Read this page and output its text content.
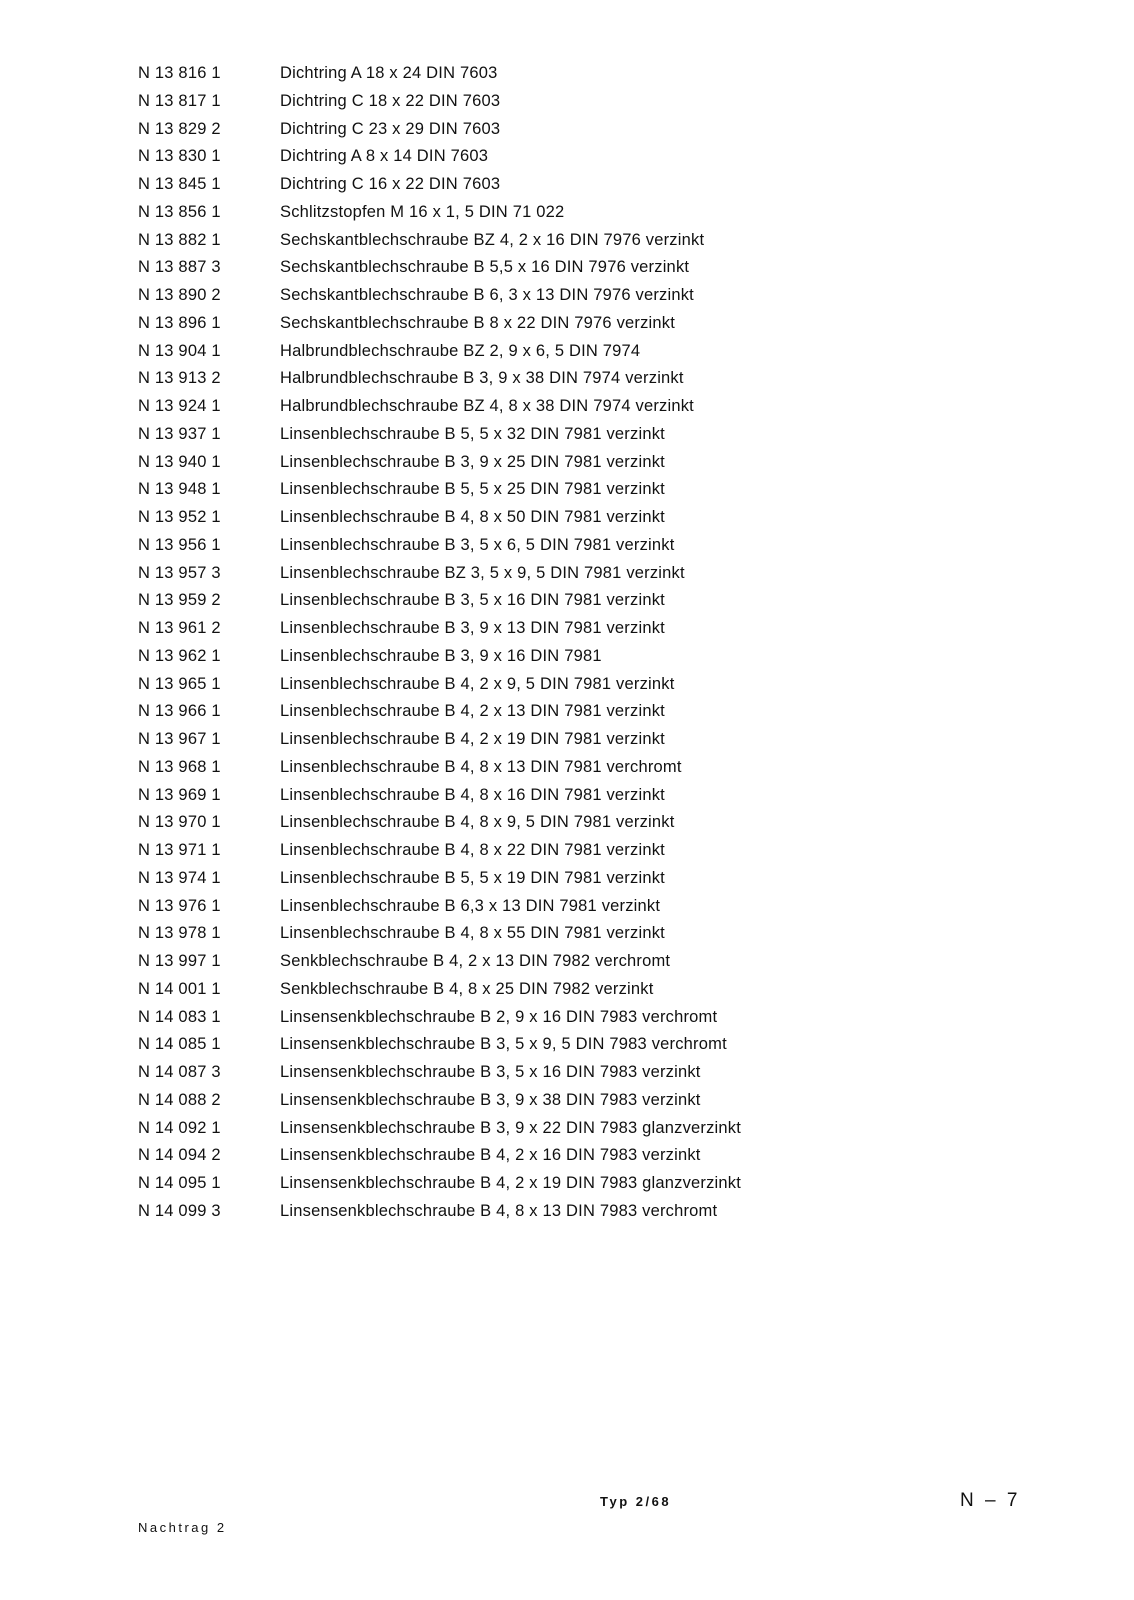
N 13 816 1	Dichtring A 18 x 24 DIN 7603
N 13 817 1	Dichtring C 18 x 22 DIN 7603
N 13 829 2	Dichtring C 23 x 29 DIN 7603
N 13 830 1	Dichtring A 8 x 14 DIN 7603
N 13 845 1	Dichtring C 16 x 22 DIN 7603
N 13 856 1	Schlitzstopfen M 16 x 1, 5 DIN 71 022
N 13 882 1	Sechskantblechschraube BZ 4, 2 x 16 DIN 7976 verzinkt
N 13 887 3	Sechskantblechschraube B 5,5 x 16 DIN 7976 verzinkt
N 13 890 2	Sechskantblechschraube B 6, 3 x 13 DIN 7976 verzinkt
N 13 896 1	Sechskantblechschraube B 8 x 22 DIN 7976 verzinkt
N 13 904 1	Halbrundblechschraube BZ 2, 9 x 6, 5 DIN 7974
N 13 913 2	Halbrundblechschraube B 3, 9 x 38 DIN 7974 verzinkt
N 13 924 1	Halbrundblechschraube BZ 4, 8 x 38 DIN 7974 verzinkt
N 13 937 1	Linsenblechschraube B 5, 5 x 32 DIN 7981 verzinkt
N 13 940 1	Linsenblechschraube B 3, 9 x 25 DIN 7981 verzinkt
N 13 948 1	Linsenblechschraube B 5, 5 x 25 DIN 7981 verzinkt
N 13 952 1	Linsenblechschraube B 4, 8 x 50 DIN 7981 verzinkt
N 13 956 1	Linsenblechschraube B 3, 5 x 6, 5 DIN 7981 verzinkt
N 13 957 3	Linsenblechschraube BZ 3, 5 x 9, 5 DIN 7981 verzinkt
N 13 959 2	Linsenblechschraube B 3, 5 x 16 DIN 7981 verzinkt
N 13 961 2	Linsenblechschraube B 3, 9 x 13 DIN 7981 verzinkt
N 13 962 1	Linsenblechschraube B 3, 9 x 16 DIN 7981
N 13 965 1	Linsenblechschraube B 4, 2 x 9, 5 DIN 7981 verzinkt
N 13 966 1	Linsenblechschraube B 4, 2 x 13 DIN 7981 verzinkt
N 13 967 1	Linsenblechschraube B 4, 2 x 19 DIN 7981 verzinkt
N 13 968 1	Linsenblechschraube B 4, 8 x 13 DIN 7981 verchromt
N 13 969 1	Linsenblechschraube B 4, 8 x 16 DIN 7981 verzinkt
N 13 970 1	Linsenblechschraube B 4, 8 x 9, 5 DIN 7981 verzinkt
N 13 971 1	Linsenblechschraube B 4, 8 x 22 DIN 7981 verzinkt
N 13 974 1	Linsenblechschraube B 5, 5 x 19 DIN 7981 verzinkt
N 13 976 1	Linsenblechschraube B 6,3 x 13 DIN 7981 verzinkt
N 13 978 1	Linsenblechschraube B 4, 8 x 55 DIN 7981 verzinkt
N 13 997 1	Senkblechschraube B 4, 2 x 13 DIN 7982 verchromt
N 14 001 1	Senkblechschraube B 4, 8 x 25 DIN 7982 verzinkt
N 14 083 1	Linsensenkblechschraube B 2, 9 x 16 DIN 7983 verchromt
N 14 085 1	Linsensenkblechschraube B 3, 5 x 9, 5 DIN 7983 verchromt
N 14 087 3	Linsensenkblechschraube B 3, 5 x 16 DIN 7983 verzinkt
N 14 088 2	Linsensenkblechschraube B 3, 9 x 38 DIN 7983 verzinkt
N 14 092 1	Linsensenkblechschraube B 3, 9 x 22 DIN 7983 glanzverzinkt
N 14 094 2	Linsensenkblechschraube B 4, 2 x 16 DIN 7983 verzinkt
N 14 095 1	Linsensenkblechschraube B 4, 2 x 19 DIN 7983 glanzverzinkt
N 14 099 3	Linsensenkblechschraube B 4, 8 x 13 DIN 7983 verchromt
Nachtrag 2
Typ 2/68	N – 7
